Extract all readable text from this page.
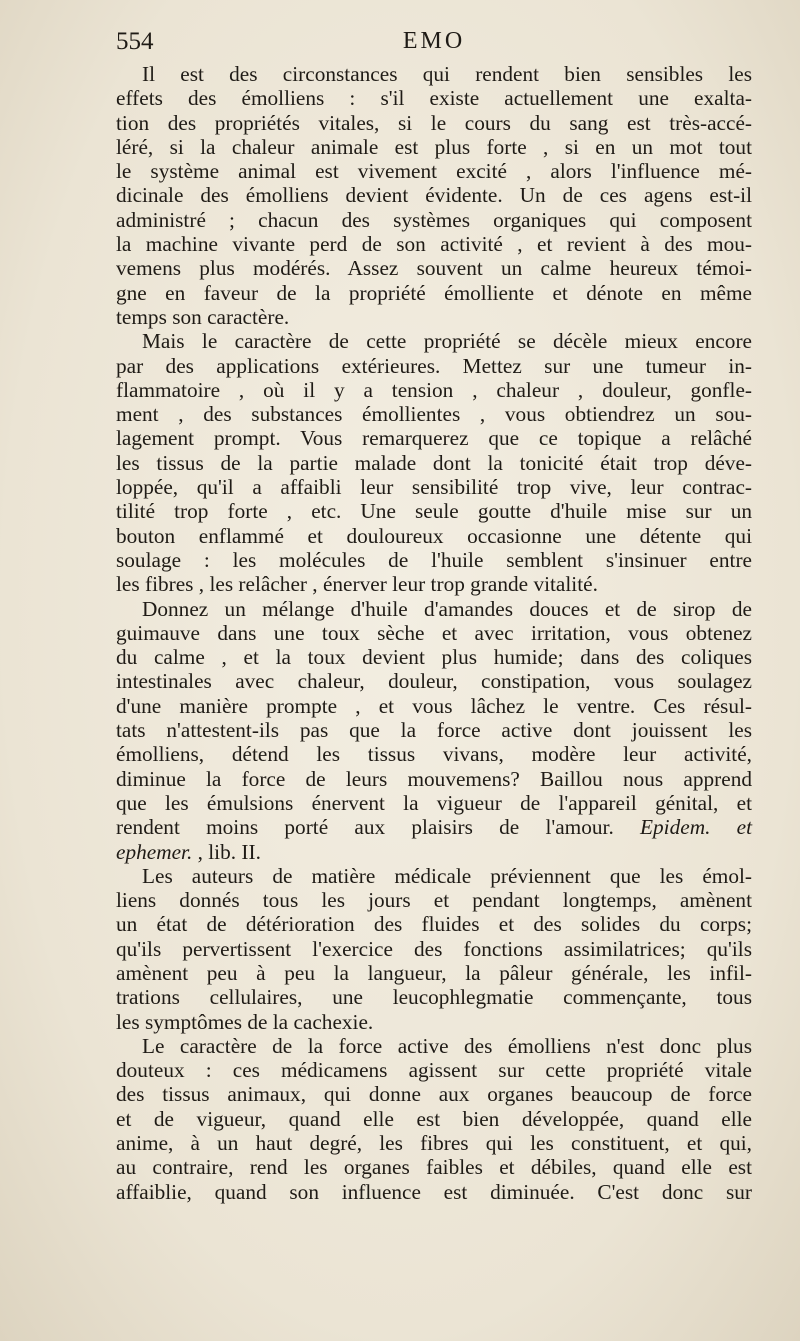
554	EMO
Il est des circonstances qui rendent bien sensibles les
effets des émolliens : s'il existe actuellement une exalta-
tion des propriétés vitales, si le cours du sang est très-accé-
léré, si la chaleur animale est plus forte , si en un mot tout
le système animal est vivement excité , alors l'influence mé-
dicinale des émolliens devient évidente. Un de ces agens est-il
administré ; chacun des systèmes organiques qui composent
la machine vivante perd de son activité , et revient à des mou-
vemens plus modérés. Assez souvent un calme heureux témoi-
gne en faveur de la propriété émolliente et dénote en même
temps son caractère.
Mais le caractère de cette propriété se décèle mieux encore
par des applications extérieures. Mettez sur une tumeur in-
flammatoire , où il y a tension , chaleur , douleur, gonfle-
ment , des substances émollientes , vous obtiendrez un sou-
lagement prompt. Vous remarquerez que ce topique a relâché
les tissus de la partie malade dont la tonicité était trop déve-
loppée, qu'il a affaibli leur sensibilité trop vive, leur contrac-
tilité trop forte , etc. Une seule goutte d'huile mise sur un
bouton enflammé et douloureux occasionne une détente qui
soulage : les molécules de l'huile semblent s'insinuer entre
les fibres , les relâcher , énerver leur trop grande vitalité.
Donnez un mélange d'huile d'amandes douces et de sirop de
guimauve dans une toux sèche et avec irritation, vous obtenez
du calme , et la toux devient plus humide; dans des coliques
intestinales avec chaleur, douleur, constipation, vous soulagez
d'une manière prompte , et vous lâchez le ventre. Ces résul-
tats n'attestent-ils pas que la force active dont jouissent les
émolliens, détend les tissus vivans, modère leur activité,
diminue la force de leurs mouvemens? Baillou nous apprend
que les émulsions énervent la vigueur de l'appareil génital, et
rendent moins porté aux plaisirs de l'amour. Epidem. et
ephemer. , lib. II.
Les auteurs de matière médicale préviennent que les émol-
liens donnés tous les jours et pendant longtemps, amènent
un état de détérioration des fluides et des solides du corps;
qu'ils pervertissent l'exercice des fonctions assimilatrices; qu'ils
amènent peu à peu la langueur, la pâleur générale, les infil-
trations cellulaires, une leucophlegmatie commençante, tous
les symptômes de la cachexie.
Le caractère de la force active des émolliens n'est donc plus
douteux : ces médicamens agissent sur cette propriété vitale
des tissus animaux, qui donne aux organes beaucoup de force
et de vigueur, quand elle est bien développée, quand elle
anime, à un haut degré, les fibres qui les constituent, et qui,
au contraire, rend les organes faibles et débiles, quand elle est
affaiblie, quand son influence est diminuée. C'est donc sur
